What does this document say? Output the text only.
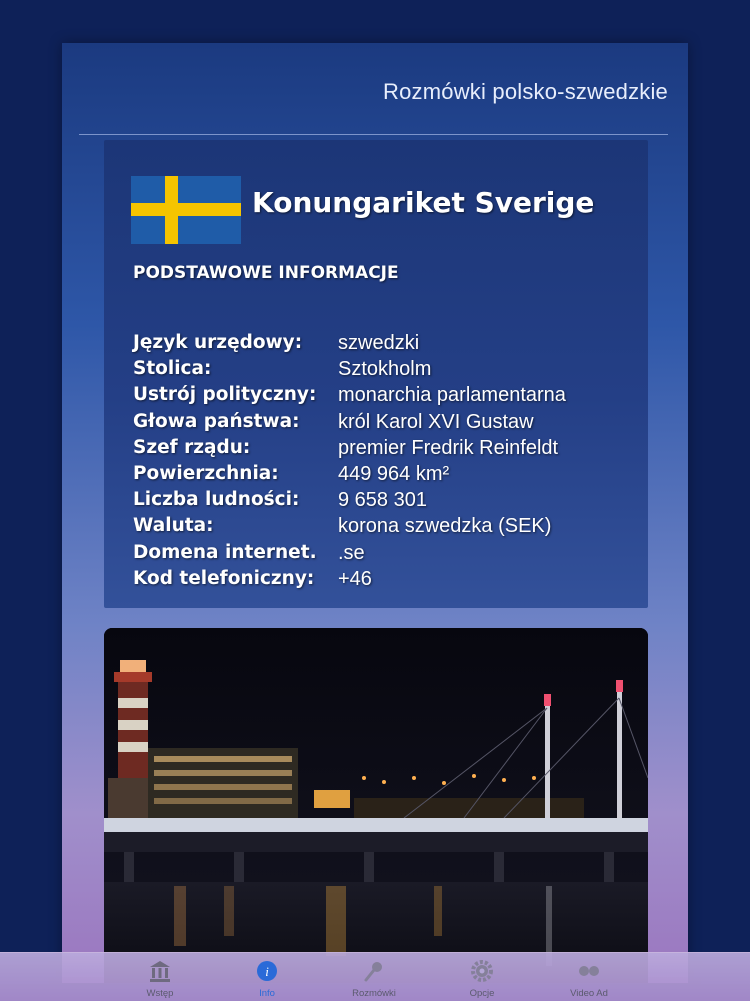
Rozmówki polsko-szwedzkie
Konungariket Sverige
PODSTAWOWE INFORMACJE
Język urzędowy: szwedzki
Stolica:	Sztokholm
Ustrój polityczny: monarchia parlamentarna
Głowa państwa: król Karol XVI Gustaw
Szef rządu:	premier Fredrik Reinfeldt
Powierzchnia:	449 964 km²
Liczba ludności: 9 658 301
Waluta:	korona szwedzka (SEK)
Domena internet. .se
Kod telefoniczny: +46
Wstęp
i
Info	Rozmówki	Opcje	Video Ad
